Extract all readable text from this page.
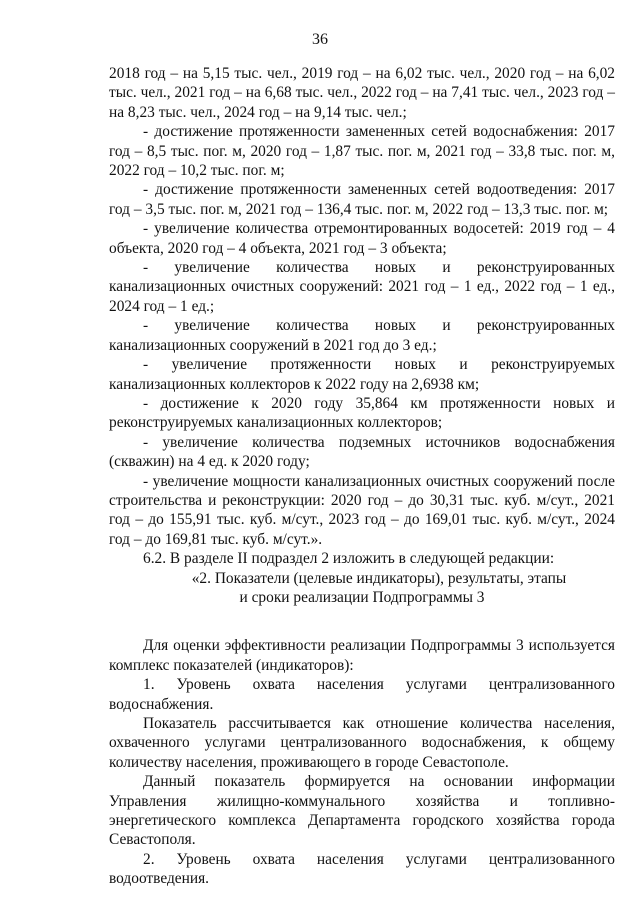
36

2018 год – на 5,15 тыс. чел., 2019 год – на 6,02 тыс. чел., 2020 год – на 6,02 тыс. чел., 2021 год – на 6,68 тыс. чел., 2022 год – на 7,41 тыс. чел., 2023 год – на 8,23 тыс. чел., 2024 год – на 9,14 тыс. чел.;

- достижение протяженности замененных сетей водоснабжения: 2017 год – 8,5 тыс. пог. м, 2020 год – 1,87 тыс. пог. м, 2021 год – 33,8 тыс. пог. м, 2022 год – 10,2 тыс. пог. м;

- достижение протяженности замененных сетей водоотведения: 2017 год – 3,5 тыс. пог. м, 2021 год – 136,4 тыс. пог. м, 2022 год – 13,3 тыс. пог. м;

- увеличение количества отремонтированных водосетей: 2019 год – 4 объекта, 2020 год – 4 объекта, 2021 год – 3 объекта;

- увеличение количества новых и реконструированных канализационных очистных сооружений: 2021 год – 1 ед., 2022 год – 1 ед., 2024 год – 1 ед.;

- увеличение количества новых и реконструированных канализационных сооружений в 2021 год до 3 ед.;

- увеличение протяженности новых и реконструируемых канализационных коллекторов к 2022 году на 2,6938 км;

- достижение к 2020 году 35,864 км протяженности новых и реконструируемых канализационных коллекторов;

- увеличение количества подземных источников водоснабжения (скважин) на 4 ед. к 2020 году;

- увеличение мощности канализационных очистных сооружений после строительства и реконструкции: 2020 год – до 30,31 тыс. куб. м/сут., 2021 год – до 155,91 тыс. куб. м/сут., 2023 год – до 169,01 тыс. куб. м/сут., 2024 год – до 169,81 тыс. куб. м/сут.».

6.2. В разделе II подраздел 2 изложить в следующей редакции:

«2. Показатели (целевые индикаторы), результаты, этапы

и сроки реализации Подпрограммы 3

Для оценки эффективности реализации Подпрограммы 3 используется комплекс показателей (индикаторов):

1. Уровень охвата населения услугами централизованного водоснабжения.

Показатель рассчитывается как отношение количества населения, охваченного услугами централизованного водоснабжения, к общему количеству населения, проживающего в городе Севастополе.

Данный показатель формируется на основании информации Управления жилищно-коммунального хозяйства и топливно-энергетического комплекса Департамента городского хозяйства города Севастополя.

2. Уровень охвата населения услугами централизованного водоотведения.
